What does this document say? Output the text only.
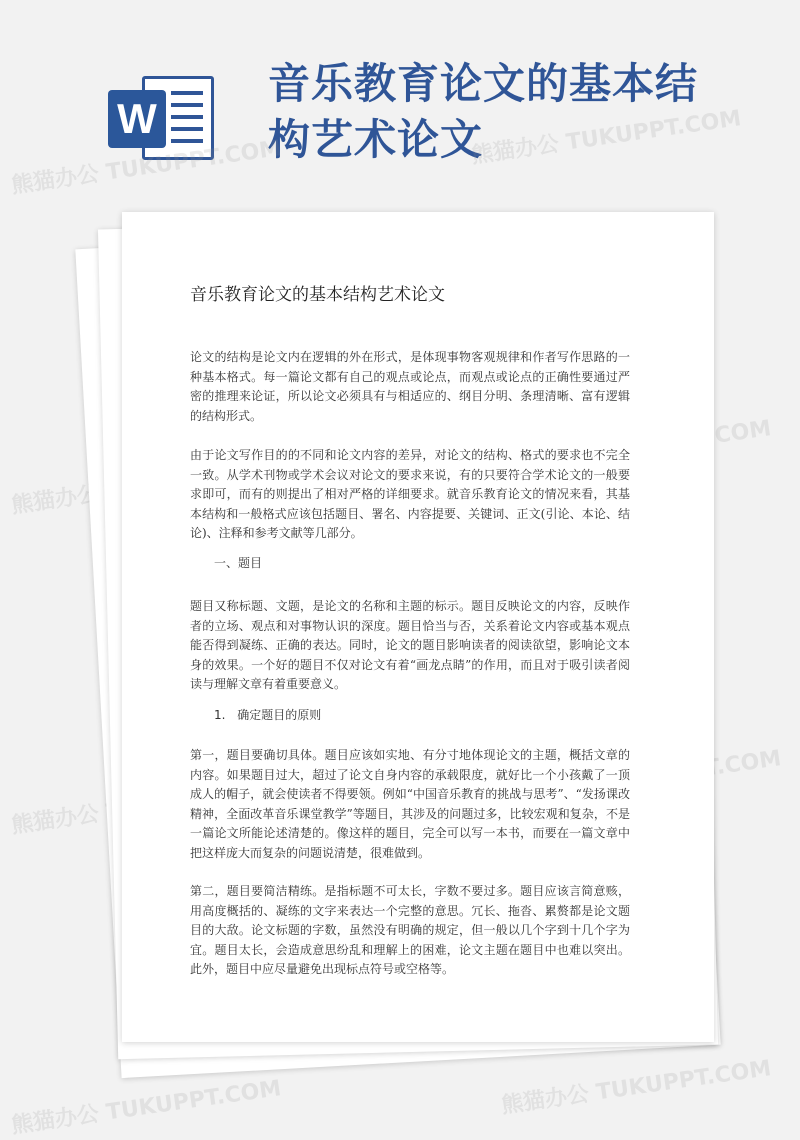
W
音乐教育论文的基本结构艺术论文
熊猫办公 TUKUPPT.COM
熊猫办公 TUKUPPT.COM
熊猫办公
熊猫办公
熊猫办公 TUKUPPT.COM	熊猫办公 TUKUPPT.COM
音乐教育论文的基本结构艺术论文

论文的结构是论文内在逻辑的外在形式，是体现事物客观规律和作者写作思路的一种基本格式。每一篇论文都有自己的观点或论点，而观点或论点的正确性要通过严密的推理来论证，所以论文必须具有与相适应的、纲目分明、条理清晰、富有逻辑的结构形式。

由于论文写作目的的不同和论文内容的差异，对论文的结构、格式的要求也不完全一致。从学术刊物或学术会议对论文的要求来说，有的只要符合学术论文的一般要求即可，而有的则提出了相对严格的详细要求。就音乐教育论文的情况来看，其基本结构和一般格式应该包括题目、署名、内容提要、关键词、正文(引论、本论、结论)、注释和参考文献等几部分。

一、题目

题目又称标题、文题，是论文的名称和主题的标示。题目反映论文的内容，反映作者的立场、观点和对事物认识的深度。题目恰当与否，关系着论文内容或基本观点能否得到凝练、正确的表达。同时，论文的题目影响读者的阅读欲望，影响论文本身的效果。一个好的题目不仅对论文有着“画龙点睛”的作用，而且对于吸引读者阅读与理解文章有着重要意义。

1. 确定题目的原则

第一，题目要确切具体。题目应该如实地、有分寸地体现论文的主题，概括文章的内容。如果题目过大，超过了论文自身内容的承载限度，就好比一个小孩戴了一顶成人的帽子，就会使读者不得要领。例如“中国音乐教育的挑战与思考”、“发扬课改精神，全面改革音乐课堂教学”等题目，其涉及的问题过多，比较宏观和复杂，不是一篇论文所能论述清楚的。像这样的题目，完全可以写一本书，而要在一篇文章中把这样庞大而复杂的问题说清楚，很难做到。

第二，题目要简洁精练。是指标题不可太长，字数不要过多。题目应该言简意赅，用高度概括的、凝练的文字来表达一个完整的意思。冗长、拖沓、累赘都是论文题目的大敌。论文标题的字数，虽然没有明确的规定，但一般以几个字到十几个字为宜。题目太长，会造成意思纷乱和理解上的困难，论文主题在题目中也难以突出。此外，题目中应尽量避免出现标点符号或空格等。
